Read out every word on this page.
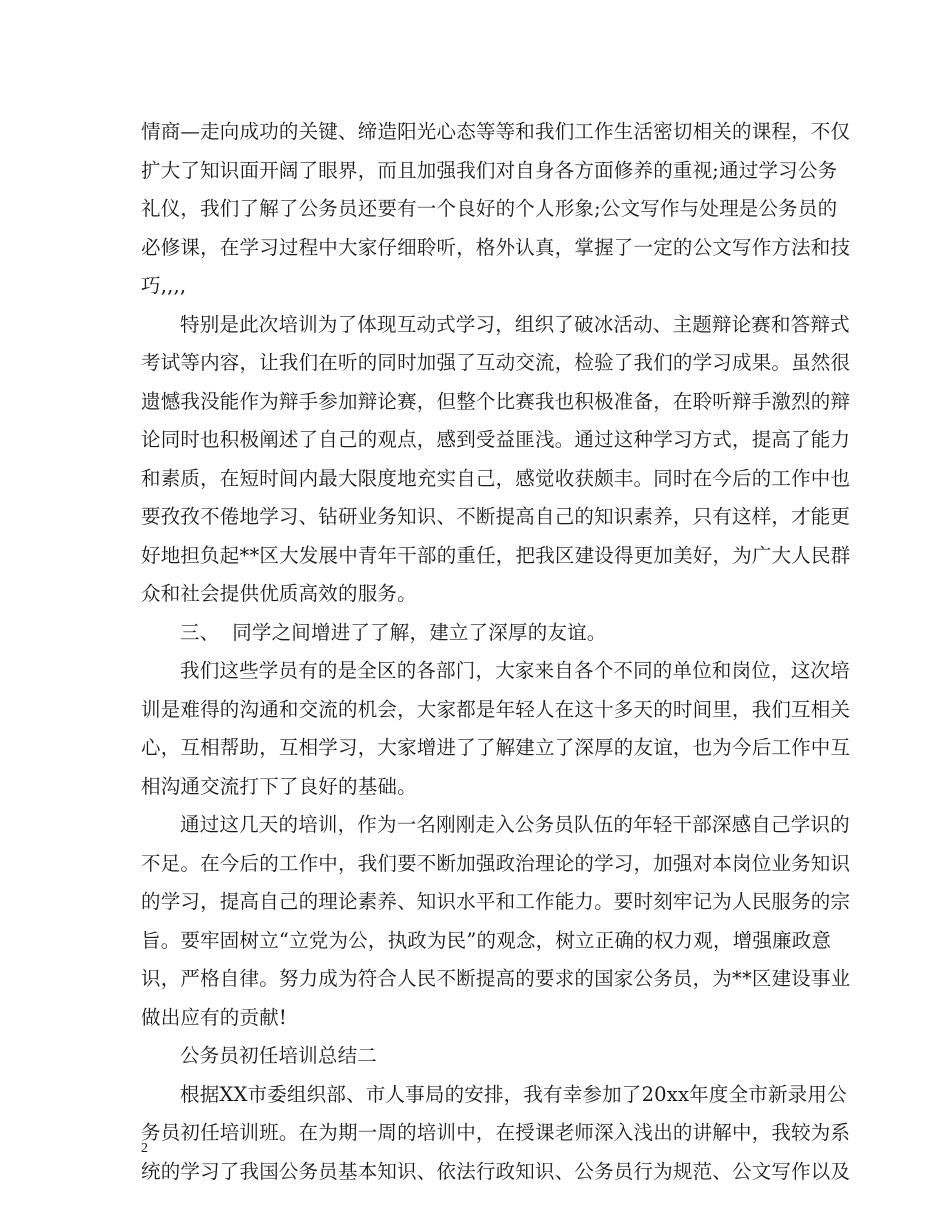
情商—走向成功的关键、缔造阳光心态等等和我们工作生活密切相关的课程，不仅
扩大了知识面开阔了眼界，而且加强我们对自身各方面修养的重视;通过学习公务
礼仪，我们了解了公务员还要有一个良好的个人形象;公文写作与处理是公务员的
必修课，在学习过程中大家仔细聆听，格外认真，掌握了一定的公文写作方法和技
巧,,,,
特别是此次培训为了体现互动式学习，组织了破冰活动、主题辩论赛和答辩式
考试等内容，让我们在听的同时加强了互动交流，检验了我们的学习成果。虽然很
遗憾我没能作为辩手参加辩论赛，但整个比赛我也积极准备，在聆听辩手激烈的辩
论同时也积极阐述了自己的观点，感到受益匪浅。通过这种学习方式，提高了能力
和素质，在短时间内最大限度地充实自己，感觉收获颇丰。同时在今后的工作中也
要孜孜不倦地学习、钻研业务知识、不断提高自己的知识素养，只有这样，才能更
好地担负起**区大发展中青年干部的重任，把我区建设得更加美好，为广大人民群
众和社会提供优质高效的服务。
三、  同学之间增进了了解，建立了深厚的友谊。
我们这些学员有的是全区的各部门，大家来自各个不同的单位和岗位，这次培
训是难得的沟通和交流的机会，大家都是年轻人在这十多天的时间里，我们互相关
心，互相帮助，互相学习，大家增进了了解建立了深厚的友谊，也为今后工作中互
相沟通交流打下了良好的基础。
通过这几天的培训，作为一名刚刚走入公务员队伍的年轻干部深感自己学识的
不足。在今后的工作中，我们要不断加强政治理论的学习，加强对本岗位业务知识
的学习，提高自己的理论素养、知识水平和工作能力。要时刻牢记为人民服务的宗
旨。要牢固树立“立党为公，执政为民”的观念，树立正确的权力观，增强廉政意
识，严格自律。努力成为符合人民不断提高的要求的国家公务员，为**区建设事业
做出应有的贡献!
公务员初任培训总结二
根据XX市委组织部、市人事局的安排，我有幸参加了20xx年度全市新录用公
务员初任培训班。在为期一周的培训中，在授课老师深入浅出的讲解中，我较为系
统的学习了我国公务员基本知识、依法行政知识、公务员行为规范、公文写作以及
2
